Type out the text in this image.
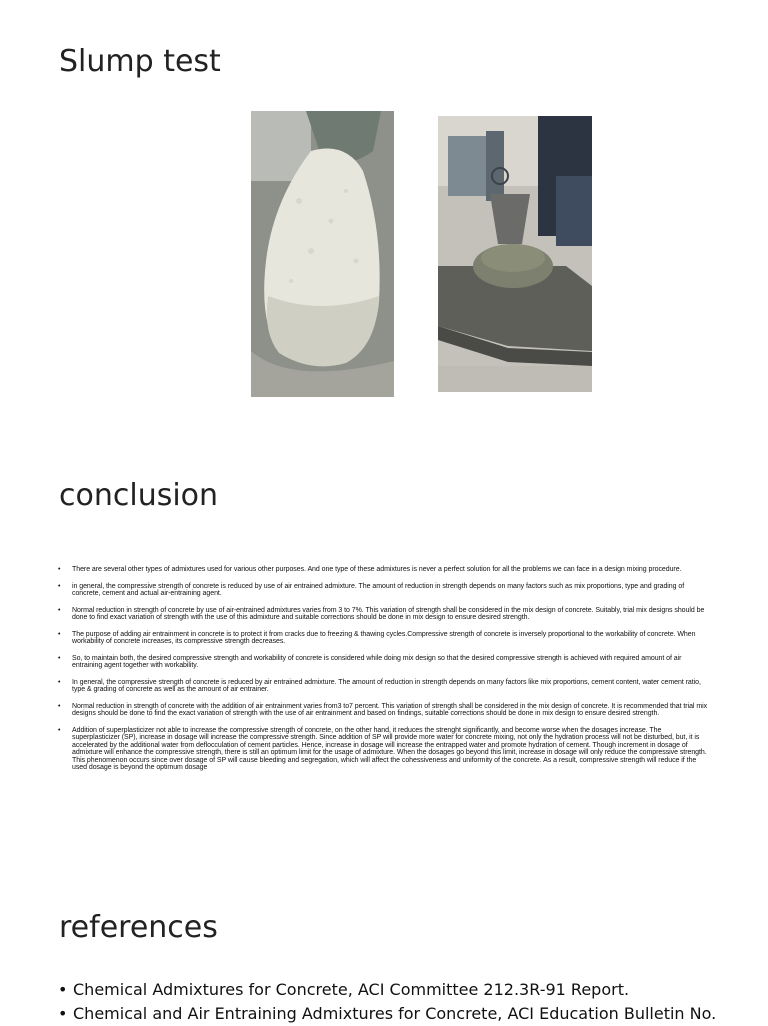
Slump test
conclusion
• There are several other types of admixtures used for various other purposes. And one type of these admixtures is never a perfect solution for all the problems we can face in a design mixing procedure.
• in general, the compressive strength of concrete is reduced by use of air entrained admixture. The amount of reduction in strength depends on many factors such as mix proportions, type and grading of concrete, cement and actual air-entraining agent.
• Normal reduction in strength of concrete by use of air-entrained admixtures varies from 3 to 7%. This variation of strength shall be considered in the mix design of concrete. Suitably, trial mix designs should be done to find exact variation of strength with the use of this admixture and suitable corrections should be done in mix design to ensure desired strength.
• The purpose of adding air entrainment in concrete is to protect it from cracks due to freezing & thawing cycles.Compressive strength of concrete is inversely proportional to the workability of concrete. When workability of concrete increases, its compressive strength decreases.
• So, to maintain both, the desired compressive strength and workability of concrete is considered while doing mix design so that the desired compressive strength is achieved with required amount of air entraining agent together with workability.
• In general, the compressive strength of concrete is reduced by air entrained admixture. The amount of reduction in strength depends on many factors like mix proportions, cement content, water cement ratio, type & grading of concrete as well as the amount of air entrainer.
• Normal reduction in strength of concrete with the addition of air entrainment varies from3 to7 percent. This variation of strength shall be considered in the mix design of concrete. It is recommended that trial mix designs should be done to find the exact variation of strength with the use of air entrainment and based on findings, suitable corrections should be done in mix design to ensure desired strength.
• Addition of superplasticizer not able to increase the compressive strength of concrete, on the other hand, it reduces the strenght significantly, and become worse when the dosages increase. The superplasticizer (SP), increase in dosage will increase the compressive strength. Since addition of SP will provide more water for concrete mixing, not only the hydration process will not be disturbed, but, it is accelerated by the additional water from deflocculation of cement particles. Hence, increase in dosage will increase the entrapped water and promote hydration of cement. Though increment in dosage of admixture will enhance the compressive strength, there is still an optimum limit for the usage of admixture. When the dosages go beyond this limit, increase in dosage will only reduce the compressive strength. This phenomenon occurs since over dosage of SP will cause bleeding and segregation, which will affect the cohessiveness and uniformity of the concrete. As a result, compressive strength will reduce if the used dosage is beyond the optimum dosage
references
• Chemical Admixtures for Concrete, ACI Committee 212.3R-91 Report.
• Chemical and Air Entraining Admixtures for Concrete, ACI Education Bulletin No.
